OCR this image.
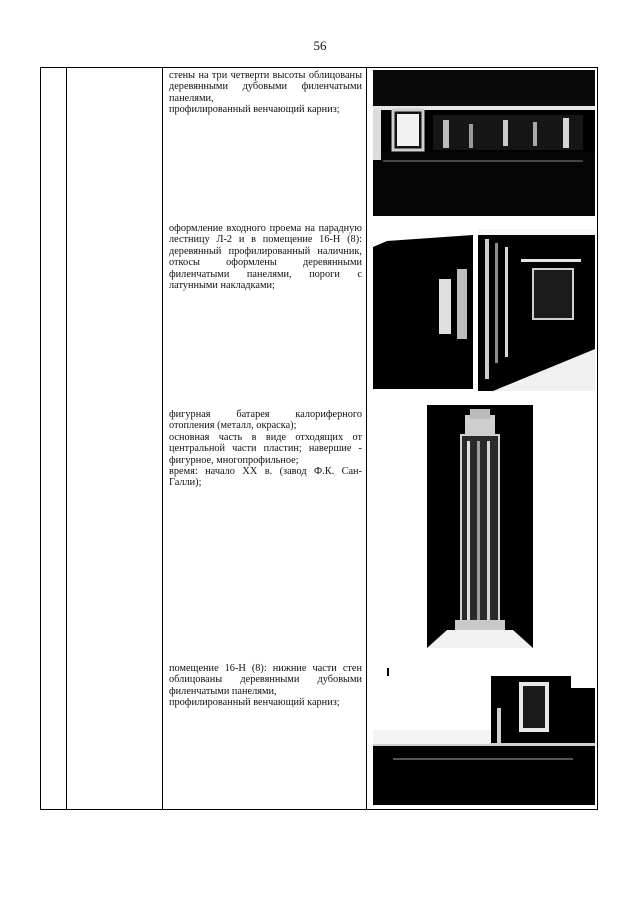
56
стены на три четверти высоты облицованы деревянными дубовыми филенчатыми панелями,
профилированный венчающий карниз;
оформление входного проема на парадную лестницу Л-2 и в помещение 16-Н (8): деревянный профилированный наличник, откосы оформлены деревянными филенчатыми панелями, пороги с латунными накладками;
фигурная батарея калориферного отопления (металл, окраска);
основная часть в виде отходящих от центральной части пластин; навершие - фигурное, многопрофильное;
время: начало XX в. (завод Ф.К. Сан-Галли);
помещение 16-Н (8): нижние части стен облицованы деревянными дубовыми филенчатыми панелями,
профилированный венчающий карниз;
